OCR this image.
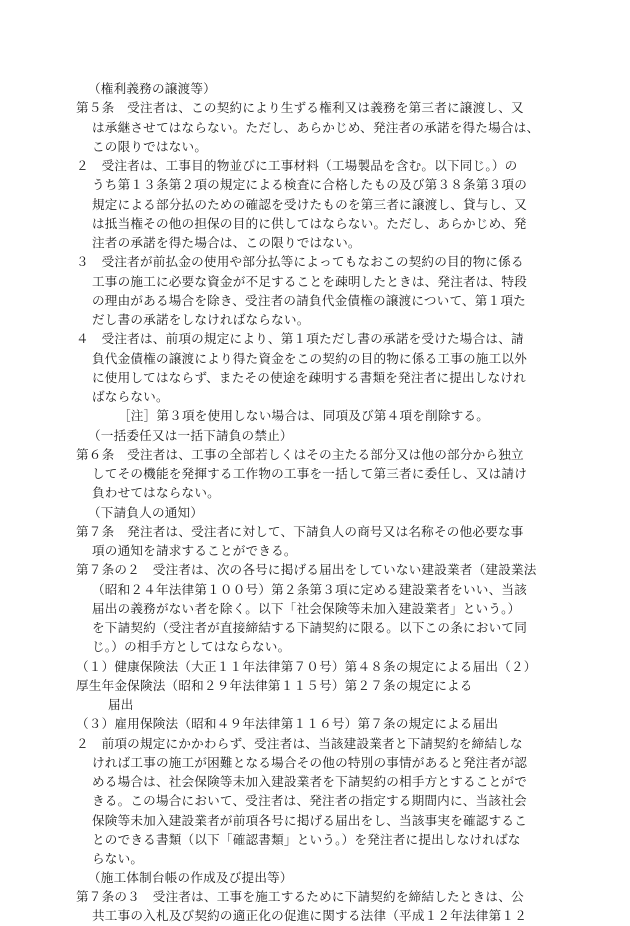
（権利義務の譲渡等）
第５条　受注者は、この契約により生ずる権利又は義務を第三者に譲渡し、又
は承継させてはならない。ただし、あらかじめ、発注者の承諾を得た場合は、
この限りではない。
２　受注者は、工事目的物並びに工事材料（工場製品を含む。以下同じ。）の
うち第１３条第２項の規定による検査に合格したもの及び第３８条第３項の
規定による部分払のための確認を受けたものを第三者に譲渡し、貸与し、又
は抵当権その他の担保の目的に供してはならない。ただし、あらかじめ、発
注者の承諾を得た場合は、この限りではない。
３　受注者が前払金の使用や部分払等によってもなおこの契約の目的物に係る
工事の施工に必要な資金が不足することを疎明したときは、発注者は、特段
の理由がある場合を除き、受注者の請負代金債権の譲渡について、第１項た
だし書の承諾をしなければならない。
４　受注者は、前項の規定により、第１項ただし書の承諾を受けた場合は、請
負代金債権の譲渡により得た資金をこの契約の目的物に係る工事の施工以外
に使用してはならず、またその使途を疎明する書類を発注者に提出しなけれ
ばならない。
［注］第３項を使用しない場合は、同項及び第４項を削除する。
（一括委任又は一括下請負の禁止）
第６条　受注者は、工事の全部若しくはその主たる部分又は他の部分から独立
してその機能を発揮する工作物の工事を一括して第三者に委任し、又は請け
負わせてはならない。
（下請負人の通知）
第７条　発注者は、受注者に対して、下請負人の商号又は名称その他必要な事
項の通知を請求することができる。
第７条の２　受注者は、次の各号に掲げる届出をしていない建設業者（建設業法
（昭和２４年法律第１００号）第２条第３項に定める建設業者をいい、当該
届出の義務がない者を除く。以下「社会保険等未加入建設業者」という。）
を下請契約（受注者が直接締結する下請契約に限る。以下この条において同
じ。）の相手方としてはならない。
（１）健康保険法（大正１１年法律第７０号）第４８条の規定による届出（２）
厚生年金保険法（昭和２９年法律第１１５号）第２７条の規定による
届出
（３）雇用保険法（昭和４９年法律第１１６号）第７条の規定による届出
２　前項の規定にかかわらず、受注者は、当該建設業者と下請契約を締結しな
ければ工事の施工が困難となる場合その他の特別の事情があると発注者が認
める場合は、社会保険等未加入建設業者を下請契約の相手方とすることがで
きる。この場合において、受注者は、発注者の指定する期間内に、当該社会
保険等未加入建設業者が前項各号に掲げる届出をし、当該事実を確認するこ
とのできる書類（以下「確認書類」という。）を発注者に提出しなければな
らない。
（施工体制台帳の作成及び提出等）
第７条の３　受注者は、工事を施工するために下請契約を締結したときは、公
共工事の入札及び契約の適正化の促進に関する法律（平成１２年法律第１２
